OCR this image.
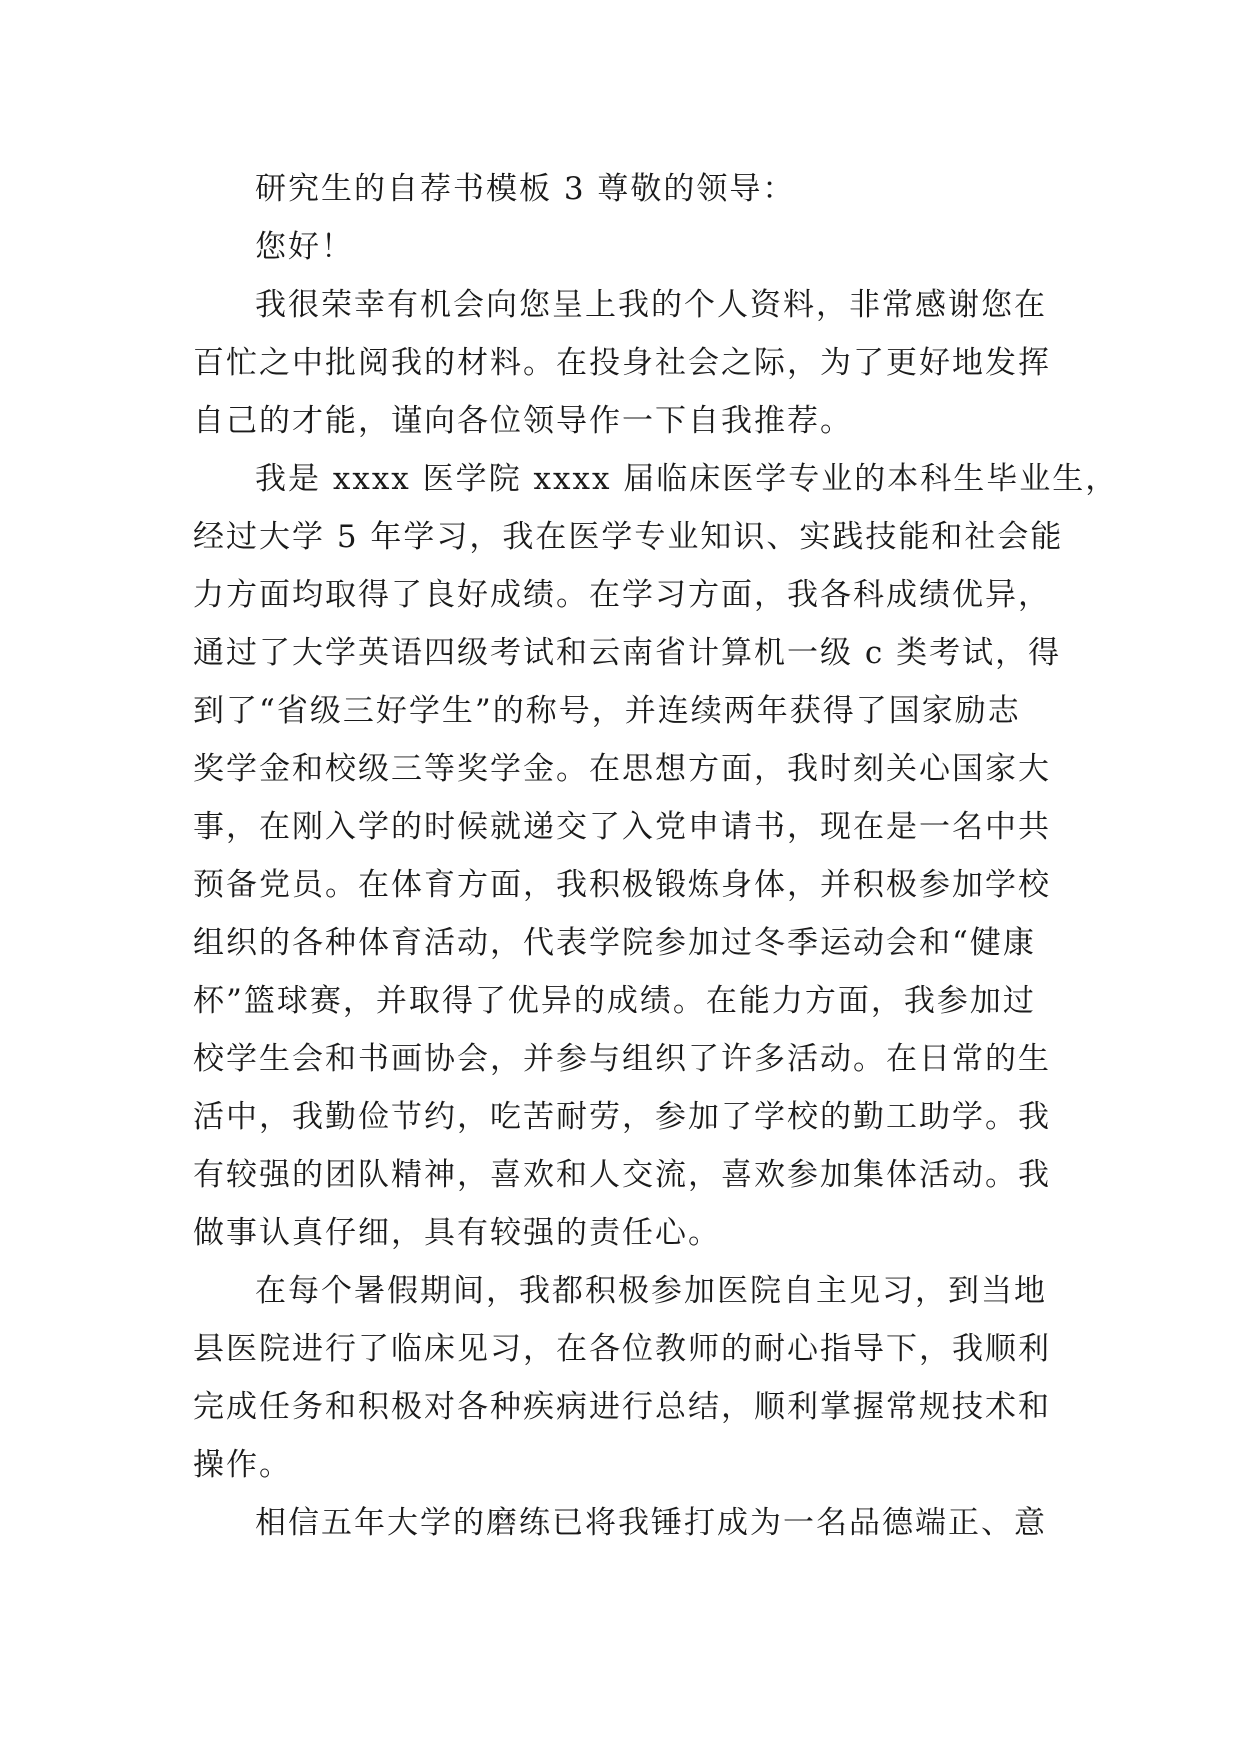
研究生的自荐书模板 3 尊敬的领导：
您好！
我很荣幸有机会向您呈上我的个人资料，非常感谢您在
百忙之中批阅我的材料。在投身社会之际，为了更好地发挥
自己的才能，谨向各位领导作一下自我推荐。
我是 xxxx 医学院 xxxx 届临床医学专业的本科生毕业生，
经过大学 5 年学习，我在医学专业知识、实践技能和社会能
力方面均取得了良好成绩。在学习方面，我各科成绩优异，
通过了大学英语四级考试和云南省计算机一级 c 类考试，得
到了“省级三好学生”的称号，并连续两年获得了国家励志
奖学金和校级三等奖学金。在思想方面，我时刻关心国家大
事，在刚入学的时候就递交了入党申请书，现在是一名中共
预备党员。在体育方面，我积极锻炼身体，并积极参加学校
组织的各种体育活动，代表学院参加过冬季运动会和“健康
杯”篮球赛，并取得了优异的成绩。在能力方面，我参加过
校学生会和书画协会，并参与组织了许多活动。在日常的生
活中，我勤俭节约，吃苦耐劳，参加了学校的勤工助学。我
有较强的团队精神，喜欢和人交流，喜欢参加集体活动。我
做事认真仔细，具有较强的责任心。
在每个暑假期间，我都积极参加医院自主见习，到当地
县医院进行了临床见习，在各位教师的耐心指导下，我顺利
完成任务和积极对各种疾病进行总结，顺利掌握常规技术和
操作。
相信五年大学的磨练已将我锤打成为一名品德端正、意
